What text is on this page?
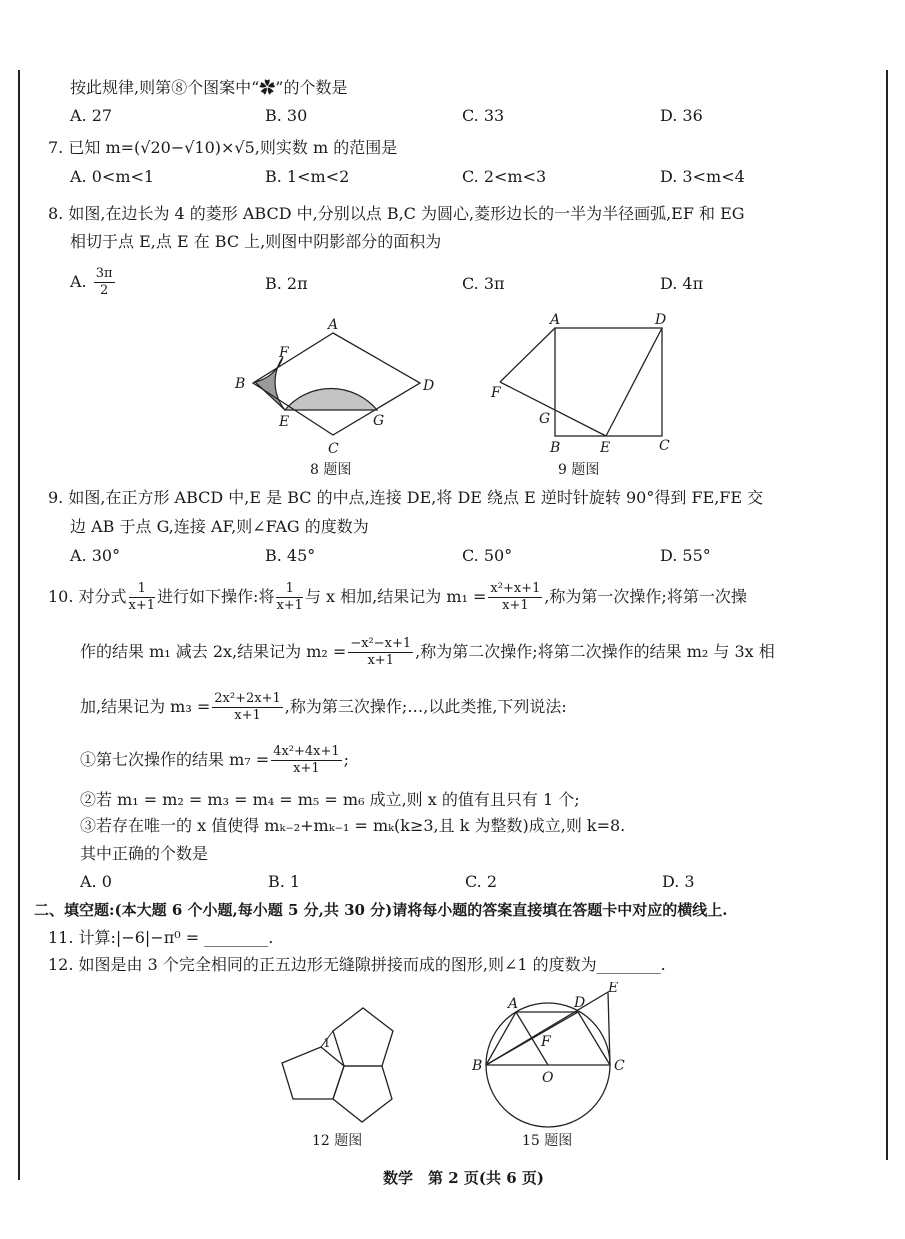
按此规律,则第⑧个图案中“✿”的个数是
A. 27	B. 30	C. 33	D. 36
7. 已知 m=(√20−√10)×√5,则实数 m 的范围是
A. 0<m<1	B. 1<m<2	C. 2<m<3	D. 3<m<4
8. 如图,在边长为 4 的菱形 ABCD 中,分别以点 B,C 为圆心,菱形边长的一半为半径画弧,EF 和 EG
相切于点 E,点 E 在 BC 上,则图中阴影部分的面积为
A. $\frac{3\pi}{2}$	B. 2π	C. 3π	D. 4π
A
B
C
D
E
F
G
8 题图
A
B	C
D
E
F
G
9 题图
9. 如图,在正方形 ABCD 中,E 是 BC 的中点,连接 DE,将 DE 绕点 E 逆时针旋转 90°得到 FE,FE 交
边 AB 于点 G,连接 AF,则∠FAG 的度数为
A. 30°	B. 45°	C. 50°	D. 55°
10. 对分式 $\frac{1}{x+1}$ 进行如下操作:将 $\frac{1}{x+1}$ 与 x 相加,结果记为 $m_1 = \frac{\text{x²+x+1}}{x+1}$ ,称为第一次操作;将第一次操
作的结果 m₁ 减去 2x,结果记为 $m_2 = \frac{\text{−x²−x+1}}{x+1}$ ,称为第二次操作;将第二次操作的结果 m₂ 与 3x 相
加,结果记为 $m_3 = \frac{\text{2x²+2x+1}}{x+1}$ ,称为第三次操作;…,以此类推,下列说法:
①第七次操作的结果 $m_7 = \frac{\text{4x²+4x+1}}{x+1}$ ;
②若 m₁ = m₂ = m₃ = m₄ = m₅ = m₆ 成立,则 x 的值有且只有 1 个;
③若存在唯一的 x 值使得 mₖ₋₂+mₖ₋₁ = mₖ(k≥3,且 k 为整数)成立,则 k=8.
其中正确的个数是
A. 0	B. 1	C. 2	D. 3
二、填空题:(本大题 6 个小题,每小题 5 分,共 30 分)请将每小题的答案直接填在答题卡中对应的横线上.
11. 计算:|−6|−π⁰ = ________.
12. 如图是由 3 个完全相同的正五边形无缝隙拼接而成的图形,则∠1 的度数为________.
1
12 题图
A
B	C
D
E
F
O
15 题图
数学　第 2 页(共 6 页)
